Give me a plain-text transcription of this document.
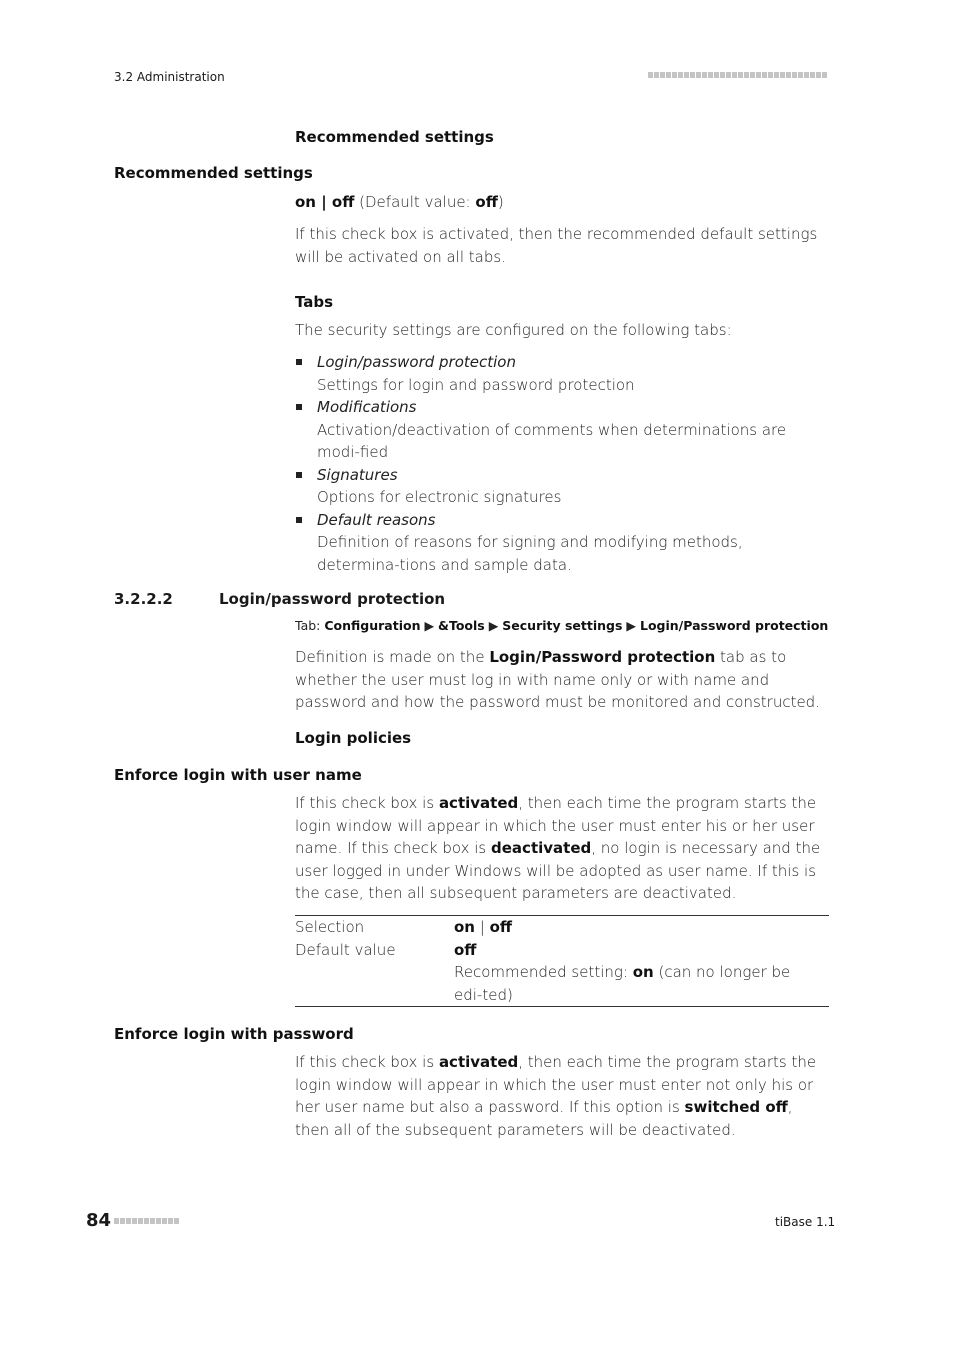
3.2 Administration
Recommended settings
Recommended settings
on | off (Default value: off)
If this check box is activated, then the recommended default settings will be activated on all tabs.
Tabs
The security settings are configured on the following tabs:
Login/password protection
Settings for login and password protection
Modifications
Activation/deactivation of comments when determinations are modi-fied
Signatures
Options for electronic signatures
Default reasons
Definition of reasons for signing and modifying methods, determina-tions and sample data.
3.2.2.2	Login/password protection
Tab: Configuration ▶ &Tools ▶ Security settings ▶ Login/Password protection
Definition is made on the Login/Password protection tab as to whether the user must log in with name only or with name and password and how the password must be monitored and constructed.
Login policies
Enforce login with user name
If this check box is activated, then each time the program starts the login window will appear in which the user must enter his or her user name. If this check box is deactivated, no login is necessary and the user logged in under Windows will be adopted as user name. If this is the case, then all subsequent parameters are deactivated.
Selection	on | off
Default value	off
Recommended setting: on (can no longer be edi-ted)
Enforce login with password
If this check box is activated, then each time the program starts the login window will appear in which the user must enter not only his or her user name but also a password. If this option is switched off, then all of the subsequent parameters will be deactivated.
84	tiBase 1.1
